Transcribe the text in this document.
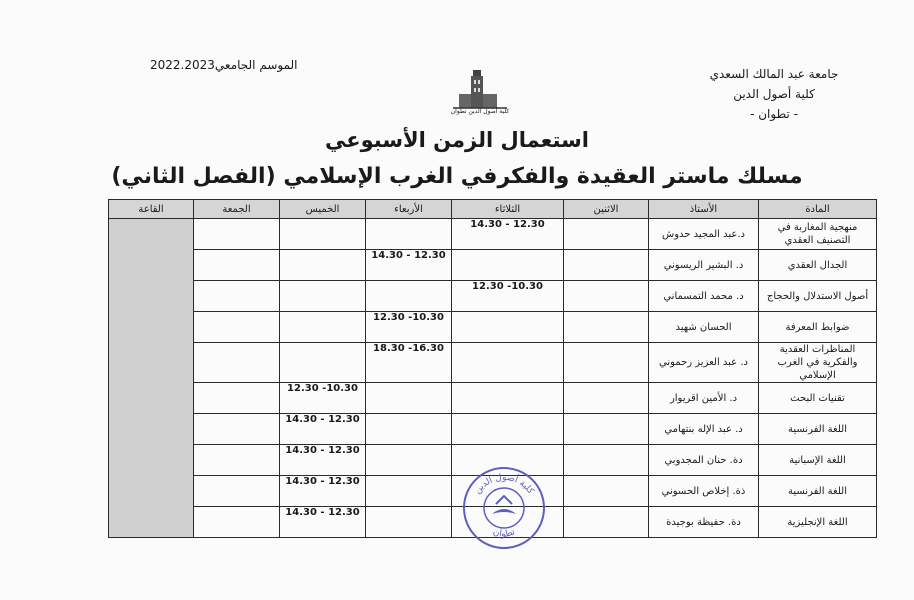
جامعة عبد المالك السعدي
كلية أصول الدين
- تطوان -
الموسم الجامعي2022.2023
كلية أصول الدين تطوان
استعمال الزمن الأسبوعي
مسلك ماستر العقيدة والفكرفي الغرب الإسلامي (الفصل الثاني)
المادة	الأستاذ	الاثنين	الثلاثاء	الأربعاء	الخميس	الجمعة	القاعة
منهجية المغاربة في التصنيف العقدي	د.عبد المجيد حدوش		12.30 - 14.30				
الجدال العقدي	د. البشير الريسوني			12.30 - 14.30			
أصول الاستدلال والحجاج	د. محمد التمسماني		10.30- 12.30				
ضوابط المعرفة	الحسان شهيد			10.30- 12.30			
المناظرات العقدية والفكرية في الغرب الإسلامي	د. عبد العزيز رحموني			16.30- 18.30			
تقنيات البحث	د. الأمين اقريوار				10.30- 12.30		
اللغة الفرنسية	د. عبد الإله بنتهامي				12.30 - 14.30		
اللغة الإسبانية	دة. حنان المجدوبي				12.30 - 14.30		
اللغة الفرنسية	ذة. إخلاص الحسوني				12.30 - 14.30		
اللغة الإنجليزية	دة. حفيظة بوجيدة				12.30 - 14.30		
كلية أصول الدين
تطوان
